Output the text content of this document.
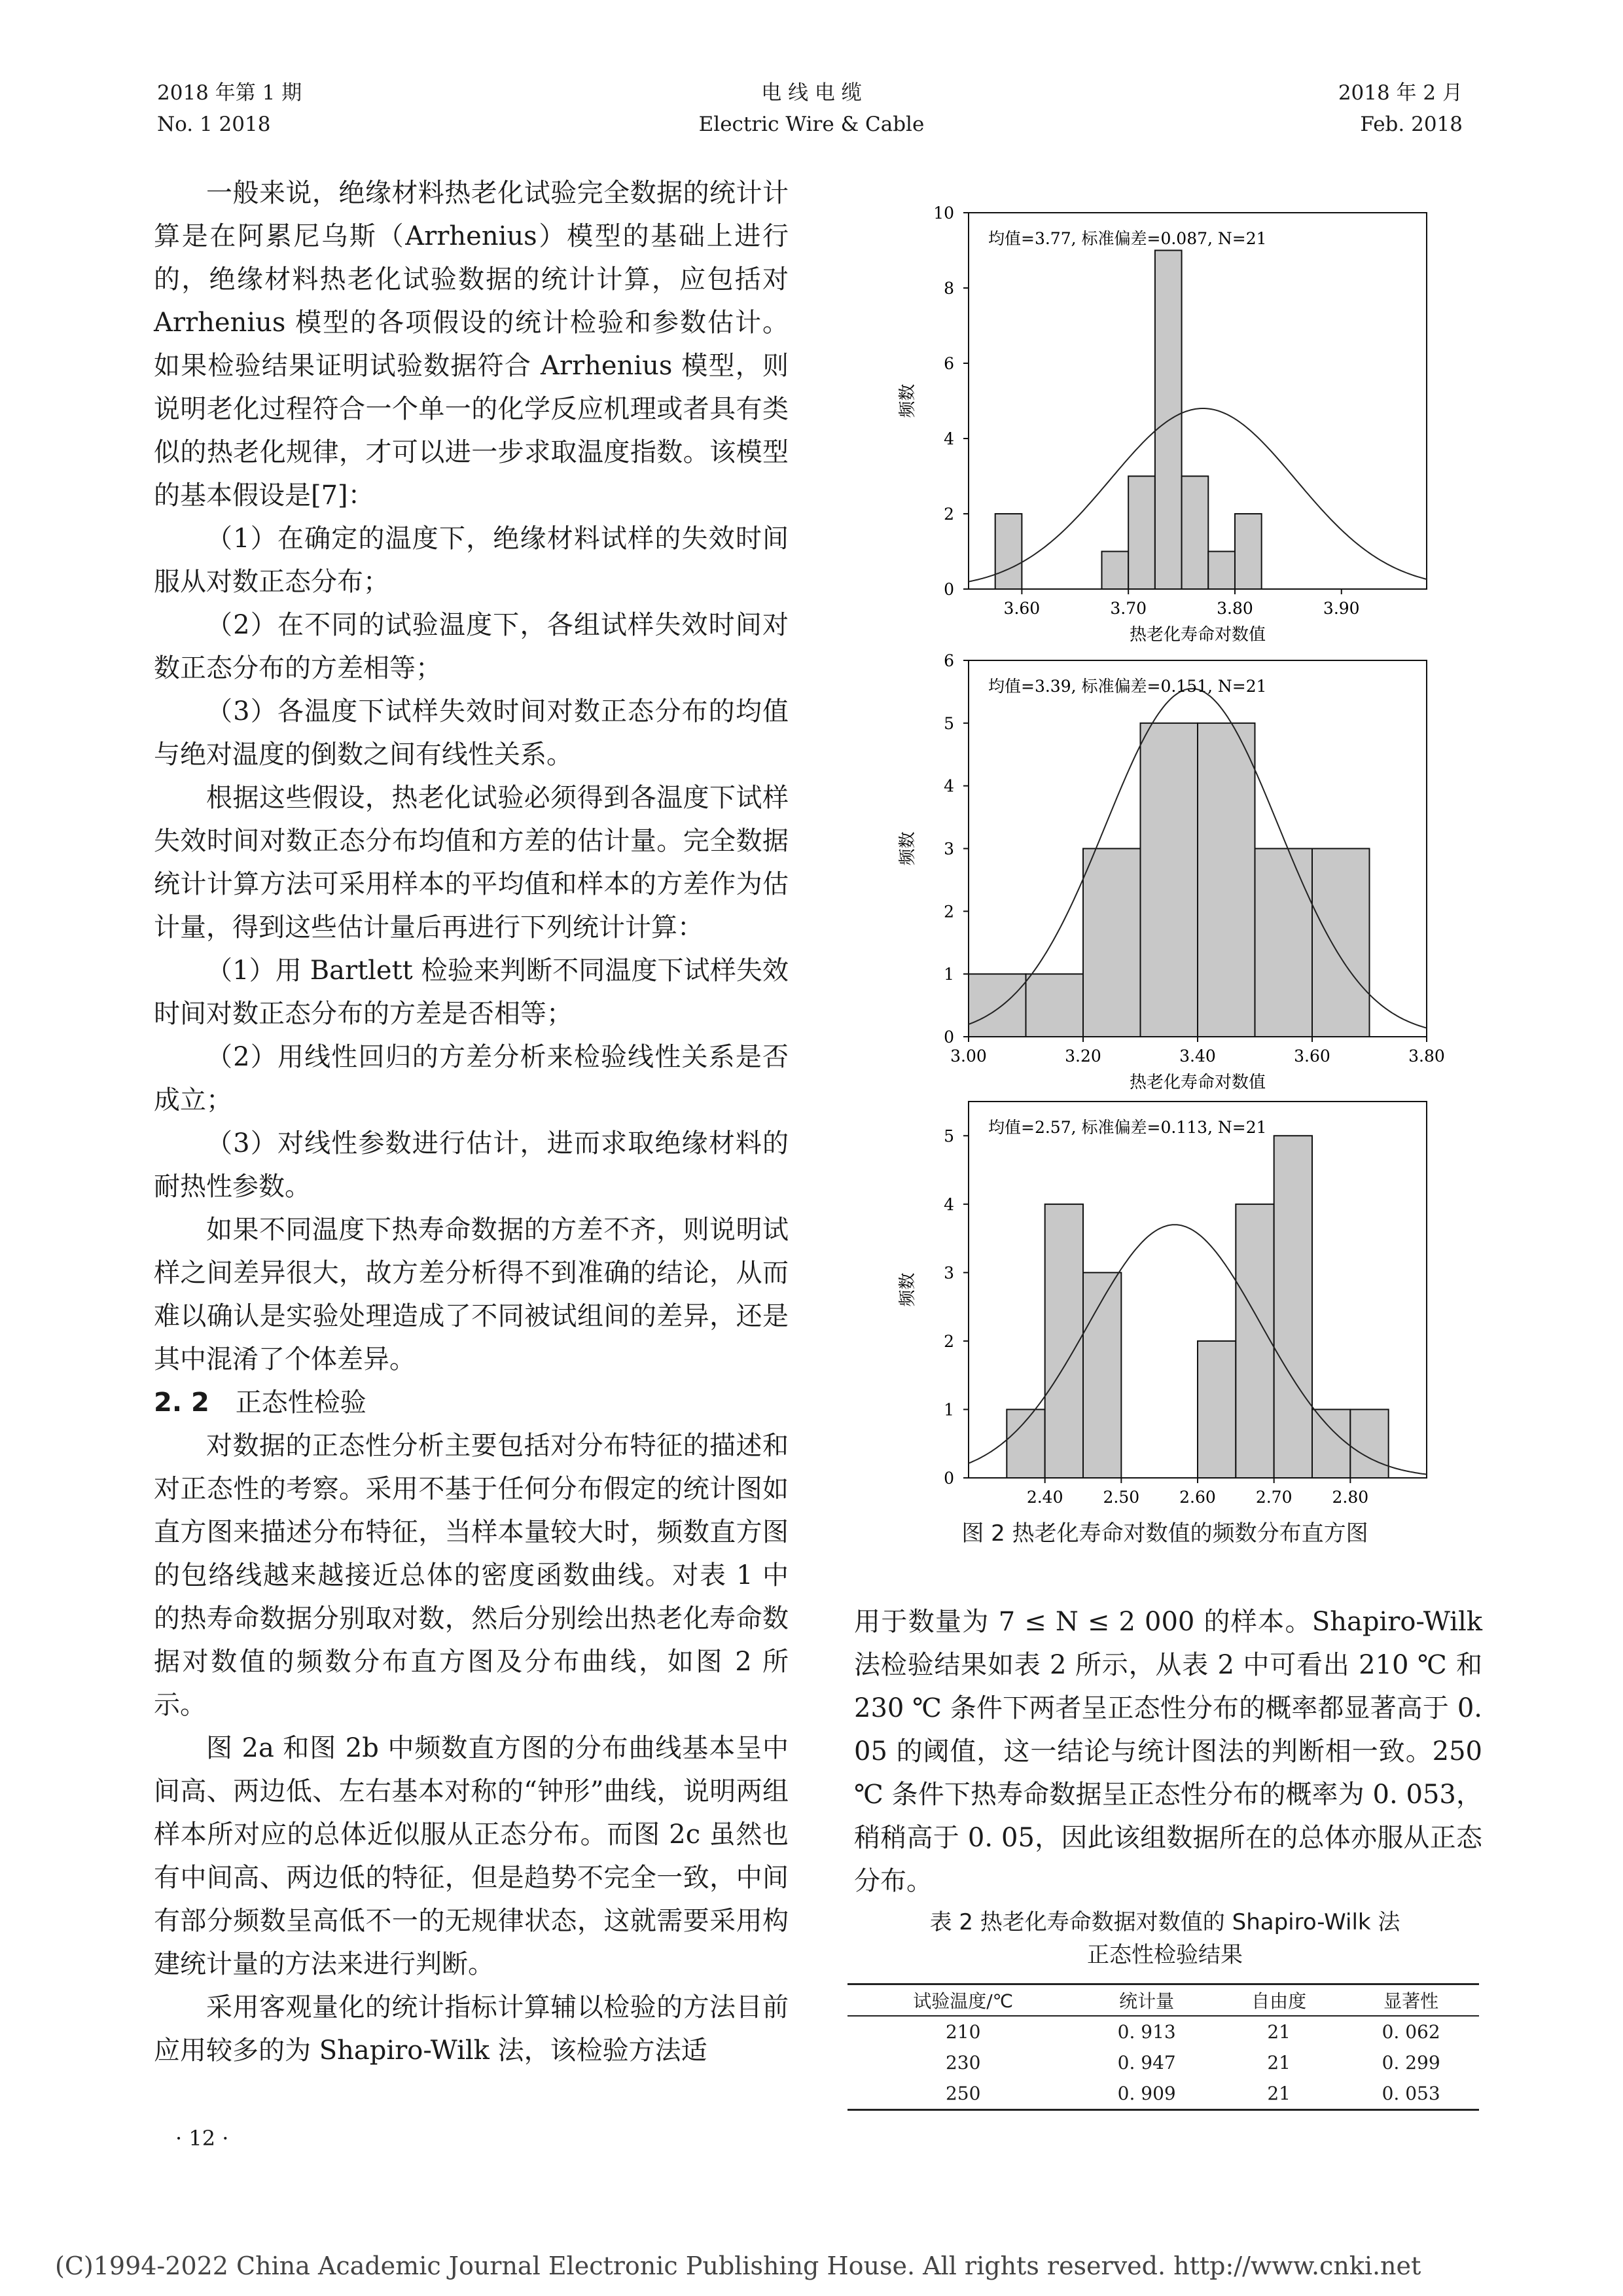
2018 年第 1 期
No. 1 2018
电 线 电 缆
Electric Wire & Cable
2018 年 2 月
Feb. 2018

一般来说，绝缘材料热老化试验完全数据的统计计算是在阿累尼乌斯（Arrhenius）模型的基础上进行的，绝缘材料热老化试验数据的统计计算，应包括对 Arrhenius 模型的各项假设的统计检验和参数估计。如果检验结果证明试验数据符合 Arrhenius 模型，则说明老化过程符合一个单一的化学反应机理或者具有类似的热老化规律，才可以进一步求取温度指数。该模型的基本假设是[7]：

（1）在确定的温度下，绝缘材料试样的失效时间服从对数正态分布；

（2）在不同的试验温度下，各组试样失效时间对数正态分布的方差相等；

（3）各温度下试样失效时间对数正态分布的均值与绝对温度的倒数之间有线性关系。

根据这些假设，热老化试验必须得到各温度下试样失效时间对数正态分布均值和方差的估计量。完全数据统计计算方法可采用样本的平均值和样本的方差作为估计量，得到这些估计量后再进行下列统计计算：

（1）用 Bartlett 检验来判断不同温度下试样失效时间对数正态分布的方差是否相等；

（2）用线性回归的方差分析来检验线性关系是否成立；

（3）对线性参数进行估计，进而求取绝缘材料的耐热性参数。

如果不同温度下热寿命数据的方差不齐，则说明试样之间差异很大，故方差分析得不到准确的结论，从而难以确认是实验处理造成了不同被试组间的差异，还是其中混淆了个体差异。

2. 2 正态性检验

对数据的正态性分析主要包括对分布特征的描述和对正态性的考察。采用不基于任何分布假定的统计图如直方图来描述分布特征，当样本量较大时，频数直方图的包络线越来越接近总体的密度函数曲线。对表 1 中的热寿命数据分别取对数，然后分别绘出热老化寿命数据对数值的频数分布直方图及分布曲线，如图 2 所示。

图 2a 和图 2b 中频数直方图的分布曲线基本呈中间高、两边低、左右基本对称的“钟形”曲线，说明两组样本所对应的总体近似服从正态分布。而图 2c 虽然也有中间高、两边低的特征，但是趋势不完全一致，中间有部分频数呈高低不一的无规律状态，这就需要采用构建统计量的方法来进行判断。

采用客观量化的统计指标计算辅以检验的方法目前应用较多的为 Shapiro-Wilk 法，该检验方法适

0
2
4
6
8
10
3.60	3.70	3.80	3.90
均值=3.77, 标准偏差=0.087, N=21
热老化寿命对数值
频数

0
1
2
3
4
5
6
3.00	3.20	3.40	3.60	3.80
均值=3.39, 标准偏差=0.151, N=21
热老化寿命对数值
频数

0
1
2
3
4
5
2.40 2.50 2.60 2.70 2.80
均值=2.57, 标准偏差=0.113, N=21
频数
图 2 热老化寿命对数值的频数分布直方图

用于数量为 7 ≤ N ≤ 2 000 的样本。Shapiro-Wilk 法检验结果如表 2 所示，从表 2 中可看出 210 ℃ 和 230 ℃ 条件下两者呈正态性分布的概率都显著高于 0. 05 的阈值，这一结论与统计图法的判断相一致。250 ℃ 条件下热寿命数据呈正态性分布的概率为 0. 053，稍稍高于 0. 05，因此该组数据所在的总体亦服从正态分布。

表 2 热老化寿命数据对数值的 Shapiro-Wilk 法
正态性检验结果
试验温度/℃	统计量	自由度	显著性
210	0. 913	21	0. 062
230	0. 947	21	0. 299
250	0. 909	21	0. 053
· 12 ·
(C)1994-2022 China Academic Journal Electronic Publishing House. All rights reserved. http://www.cnki.net
